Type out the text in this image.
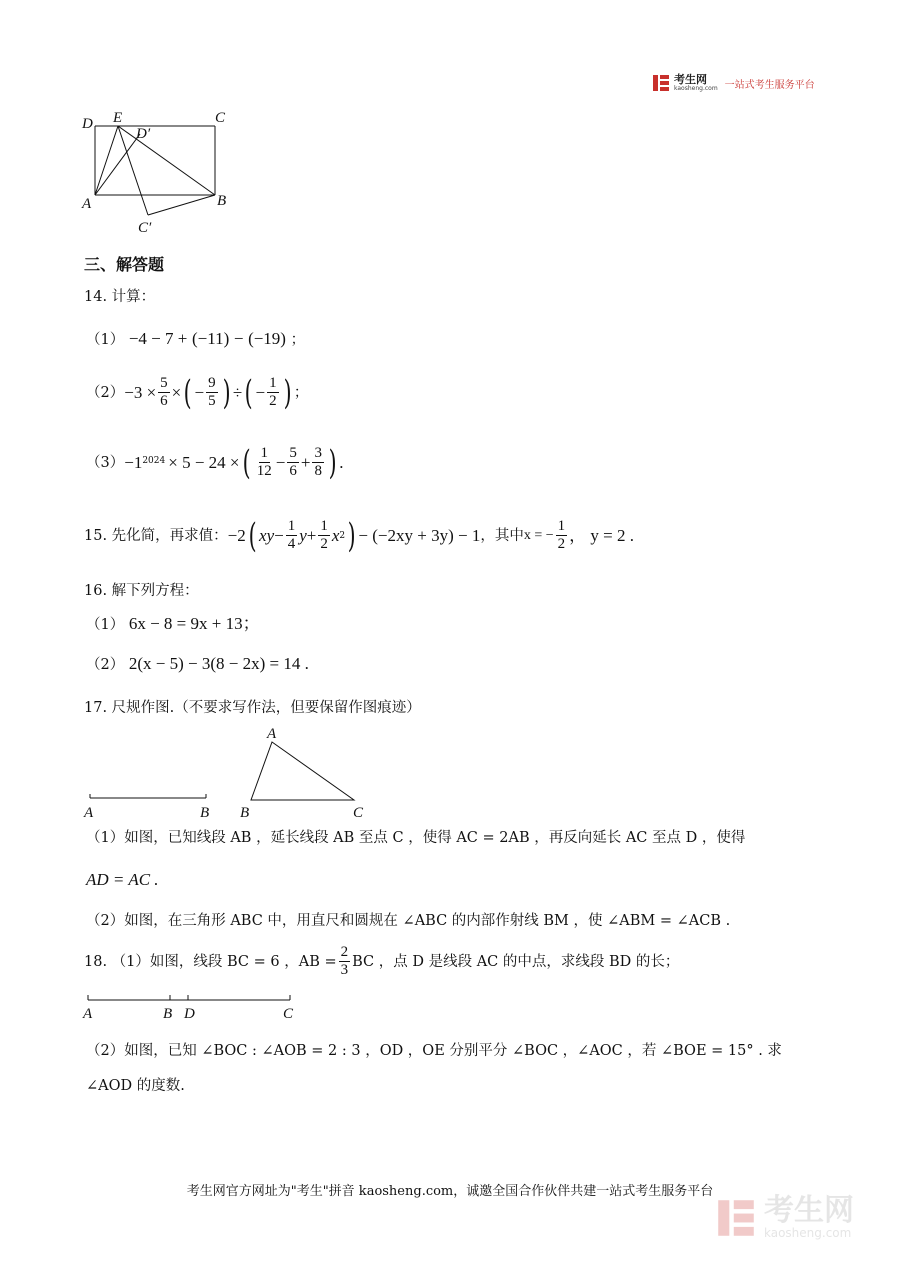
考生网
kaosheng.com 一站式考生服务平台
D E
D′
C
A	B
C′
三、解答题
14. 计算：
（1） −4 − 7 + (−11) − (−19) ；
$(2) -3 \times \frac{5}{6}$ × ( − $\frac{9}{5}$ ) ÷ ( − $\frac{1}{2}$ ) ；
（3） −1 2024 × 5 − 24 × ( $\frac{1}{12} - \frac{5}{6} + \frac{3}{8}$ ) .
15. 先化简，再求值： −2 ( xy − $\frac{1}{4}$ $y + \frac{1}{2}$ x 2 ) − (−2xy + 3y) − 1 ，其中 x = − $\frac{1}{2}$ ， y = 2 .
16. 解下列方程：
（1） 6x − 8 = 9x + 13；
（2） 2(x − 5) − 3(8 − 2x) = 14 .
17. 尺规作图.（不要求写作法，但要保留作图痕迹）
A	B
A
B	C
（1）如图，已知线段 AB ，延长线段 AB 至点 C ，使得 AC = 2AB ，再反向延长 AC 至点 D ，使得
AD = AC .
（2）如图，在三角形 ABC 中，用直尺和圆规在 ∠ABC 的内部作射线 BM ，使 ∠ABM = ∠ACB .
18. （1）如图，线段 BC = 6 ，AB = $\frac{2}{3}$ BC ，点 D 是线段 AC 的中点，求线段 BD 的长；
A	B D	C
（2）如图，已知 ∠BOC : ∠AOB = 2 : 3 ，OD ，OE 分别平分 ∠BOC ，∠AOC ，若 ∠BOE = 15° . 求
∠AOD 的度数.
考生网官方网址为"考生"拼音 kaosheng.com，诚邀全国合作伙伴共建一站式考生服务平台
考生网
kaosheng.com
